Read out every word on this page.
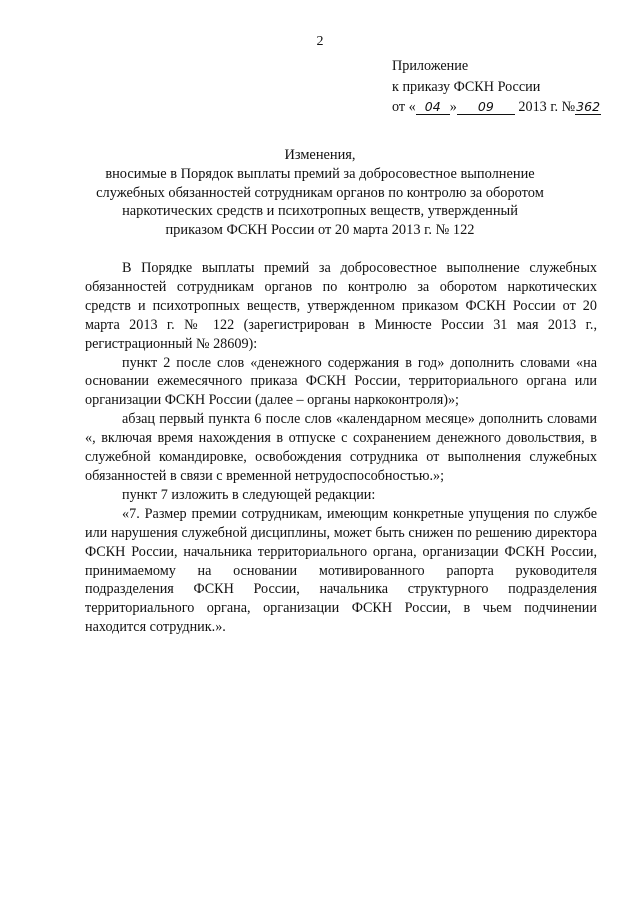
2
Приложение
к приказу ФСКН России
от « 04 » 09 2013 г. №362
Изменения,
вносимые в Порядок выплаты премий за добросовестное выполнение
служебных обязанностей сотрудникам органов по контролю за оборотом
наркотических средств и психотропных веществ, утвержденный
приказом ФСКН России от 20 марта 2013 г. № 122

В Порядке выплаты премий за добросовестное выполнение служебных обязанностей сотрудникам органов по контролю за оборотом наркотических средств и психотропных веществ, утвержденном приказом ФСКН России от 20 марта 2013 г. № 122 (зарегистрирован в Минюсте России 31 мая 2013 г., регистрационный № 28609):

пункт 2 после слов «денежного содержания в год» дополнить словами «на основании ежемесячного приказа ФСКН России, территориального органа или организации ФСКН России (далее – органы наркоконтроля)»;

абзац первый пункта 6 после слов «календарном месяце» дополнить словами «, включая время нахождения в отпуске с сохранением денежного довольствия, в служебной командировке, освобождения сотрудника от выполнения служебных обязанностей в связи с временной нетрудоспособностью.»;

пункт 7 изложить в следующей редакции:

«7. Размер премии сотрудникам, имеющим конкретные упущения по службе или нарушения служебной дисциплины, может быть снижен по решению директора ФСКН России, начальника территориального органа, организации ФСКН России, принимаемому на основании мотивированного рапорта руководителя подразделения ФСКН России, начальника структурного подразделения территориального органа, организации ФСКН России, в чьем подчинении находится сотрудник.».
